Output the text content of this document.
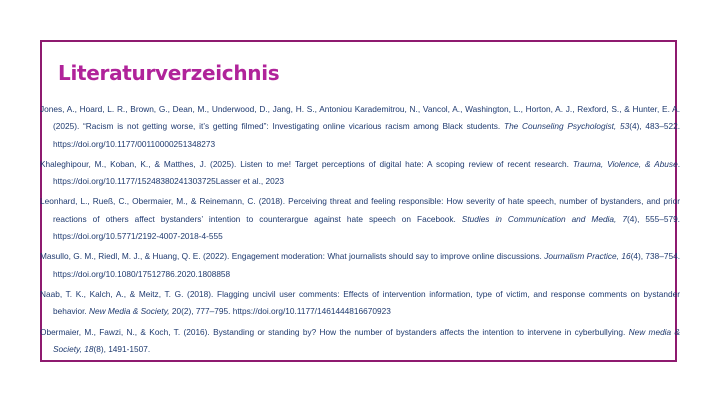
Literaturverzeichnis
Jones, A., Hoard, L. R., Brown, G., Dean, M., Underwood, D., Jang, H. S., Antoniou Karademitrou, N., Vancol, A., Washington, L., Horton, A. J., Rexford, S., & Hunter, E. A. (2025). “Racism is not getting worse, it’s getting filmed”: Investigating online vicarious racism among Black students. The Counseling Psychologist, 53(4), 483–522. https://doi.org/10.1177/00110000251348273
Khaleghipour, M., Koban, K., & Matthes, J. (2025). Listen to me! Target perceptions of digital hate: A scoping review of recent research. Trauma, Violence, & Abuse. https://doi.org/10.1177/15248380241303725Lasser et al., 2023
Leonhard, L., Rueß, C., Obermaier, M., & Reinemann, C. (2018). Perceiving threat and feeling responsible: How severity of hate speech, number of bystanders, and prior reactions of others affect bystanders’ intention to counterargue against hate speech on Facebook. Studies in Communication and Media, 7(4), 555–579. https://doi.org/10.5771/2192-4007-2018-4-555
Masullo, G. M., Riedl, M. J., & Huang, Q. E. (2022). Engagement moderation: What journalists should say to improve online discussions. Journalism Practice, 16(4), 738–754. https://doi.org/10.1080/17512786.2020.1808858
Naab, T. K., Kalch, A., & Meitz, T. G. (2018). Flagging uncivil user comments: Effects of intervention information, type of victim, and response comments on bystander behavior. New Media & Society, 20(2), 777–795. https://doi.org/10.1177/1461444816670923
Obermaier, M., Fawzi, N., & Koch, T. (2016). Bystanding or standing by? How the number of bystanders affects the intention to intervene in cyberbullying. New media & Society, 18(8), 1491-1507.
